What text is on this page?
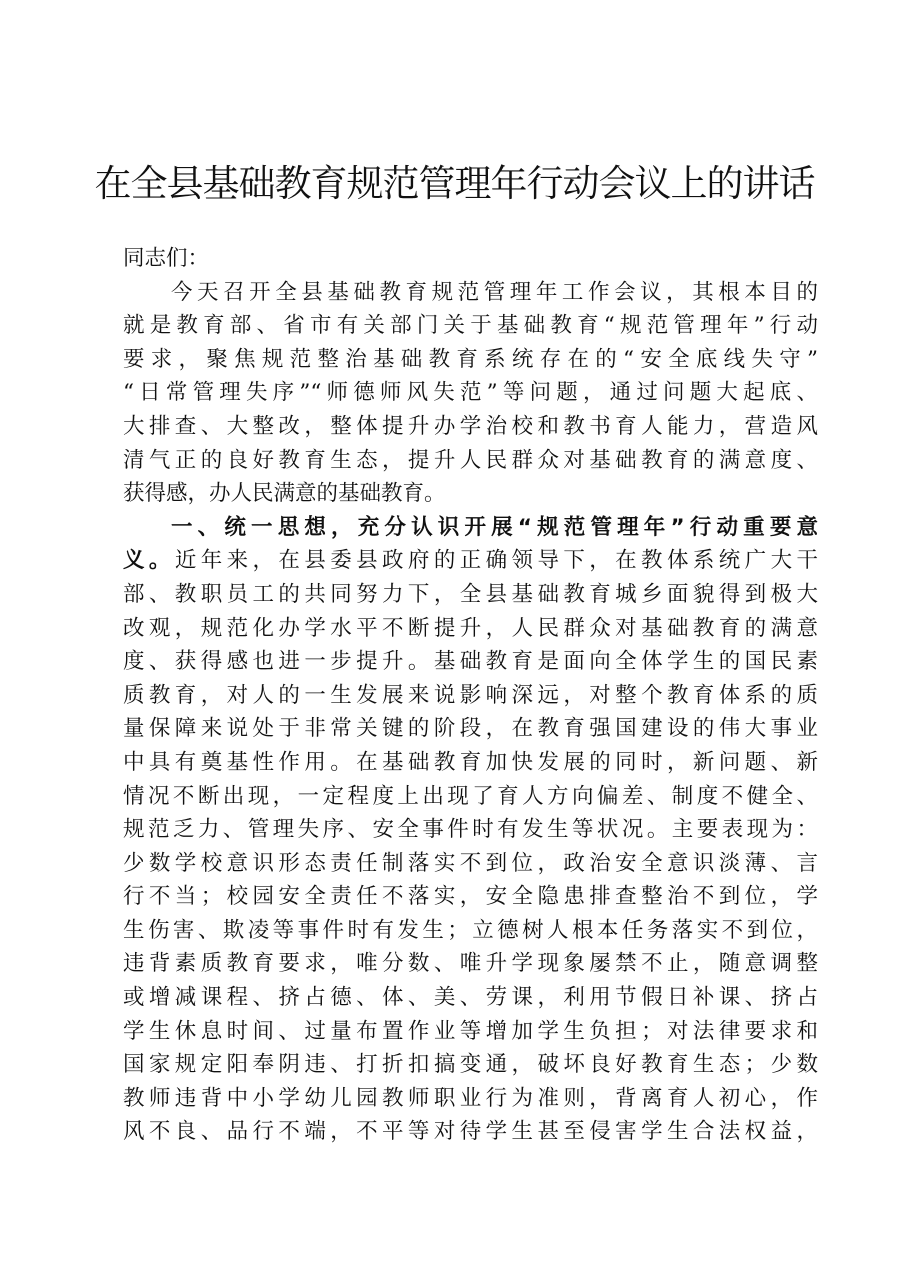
在全县基础教育规范管理年行动会议上的讲话
同志们：
今天召开全县基础教育规范管理年工作会议，其根本目的
就是教育部、省市有关部门关于基础教育“规范管理年”行动
要求，聚焦规范整治基础教育系统存在的“安全底线失守”
“日常管理失序”“师德师风失范”等问题，通过问题大起底、
大排查、大整改，整体提升办学治校和教书育人能力，营造风
清气正的良好教育生态，提升人民群众对基础教育的满意度、
获得感，办人民满意的基础教育。
一、统一思想，充分认识开展“规范管理年”行动重要意
义。近年来，在县委县政府的正确领导下，在教体系统广大干
部、教职员工的共同努力下，全县基础教育城乡面貌得到极大
改观，规范化办学水平不断提升，人民群众对基础教育的满意
度、获得感也进一步提升。基础教育是面向全体学生的国民素
质教育，对人的一生发展来说影响深远，对整个教育体系的质
量保障来说处于非常关键的阶段，在教育强国建设的伟大事业
中具有奠基性作用。在基础教育加快发展的同时，新问题、新
情况不断出现，一定程度上出现了育人方向偏差、制度不健全、
规范乏力、管理失序、安全事件时有发生等状况。主要表现为：
少数学校意识形态责任制落实不到位，政治安全意识淡薄、言
行不当；校园安全责任不落实，安全隐患排查整治不到位，学
生伤害、欺凌等事件时有发生；立德树人根本任务落实不到位，
违背素质教育要求，唯分数、唯升学现象屡禁不止，随意调整
或增减课程、挤占德、体、美、劳课，利用节假日补课、挤占
学生休息时间、过量布置作业等增加学生负担；对法律要求和
国家规定阳奉阴违、打折扣搞变通，破坏良好教育生态；少数
教师违背中小学幼儿园教师职业行为准则，背离育人初心，作
风不良、品行不端，不平等对待学生甚至侵害学生合法权益，
